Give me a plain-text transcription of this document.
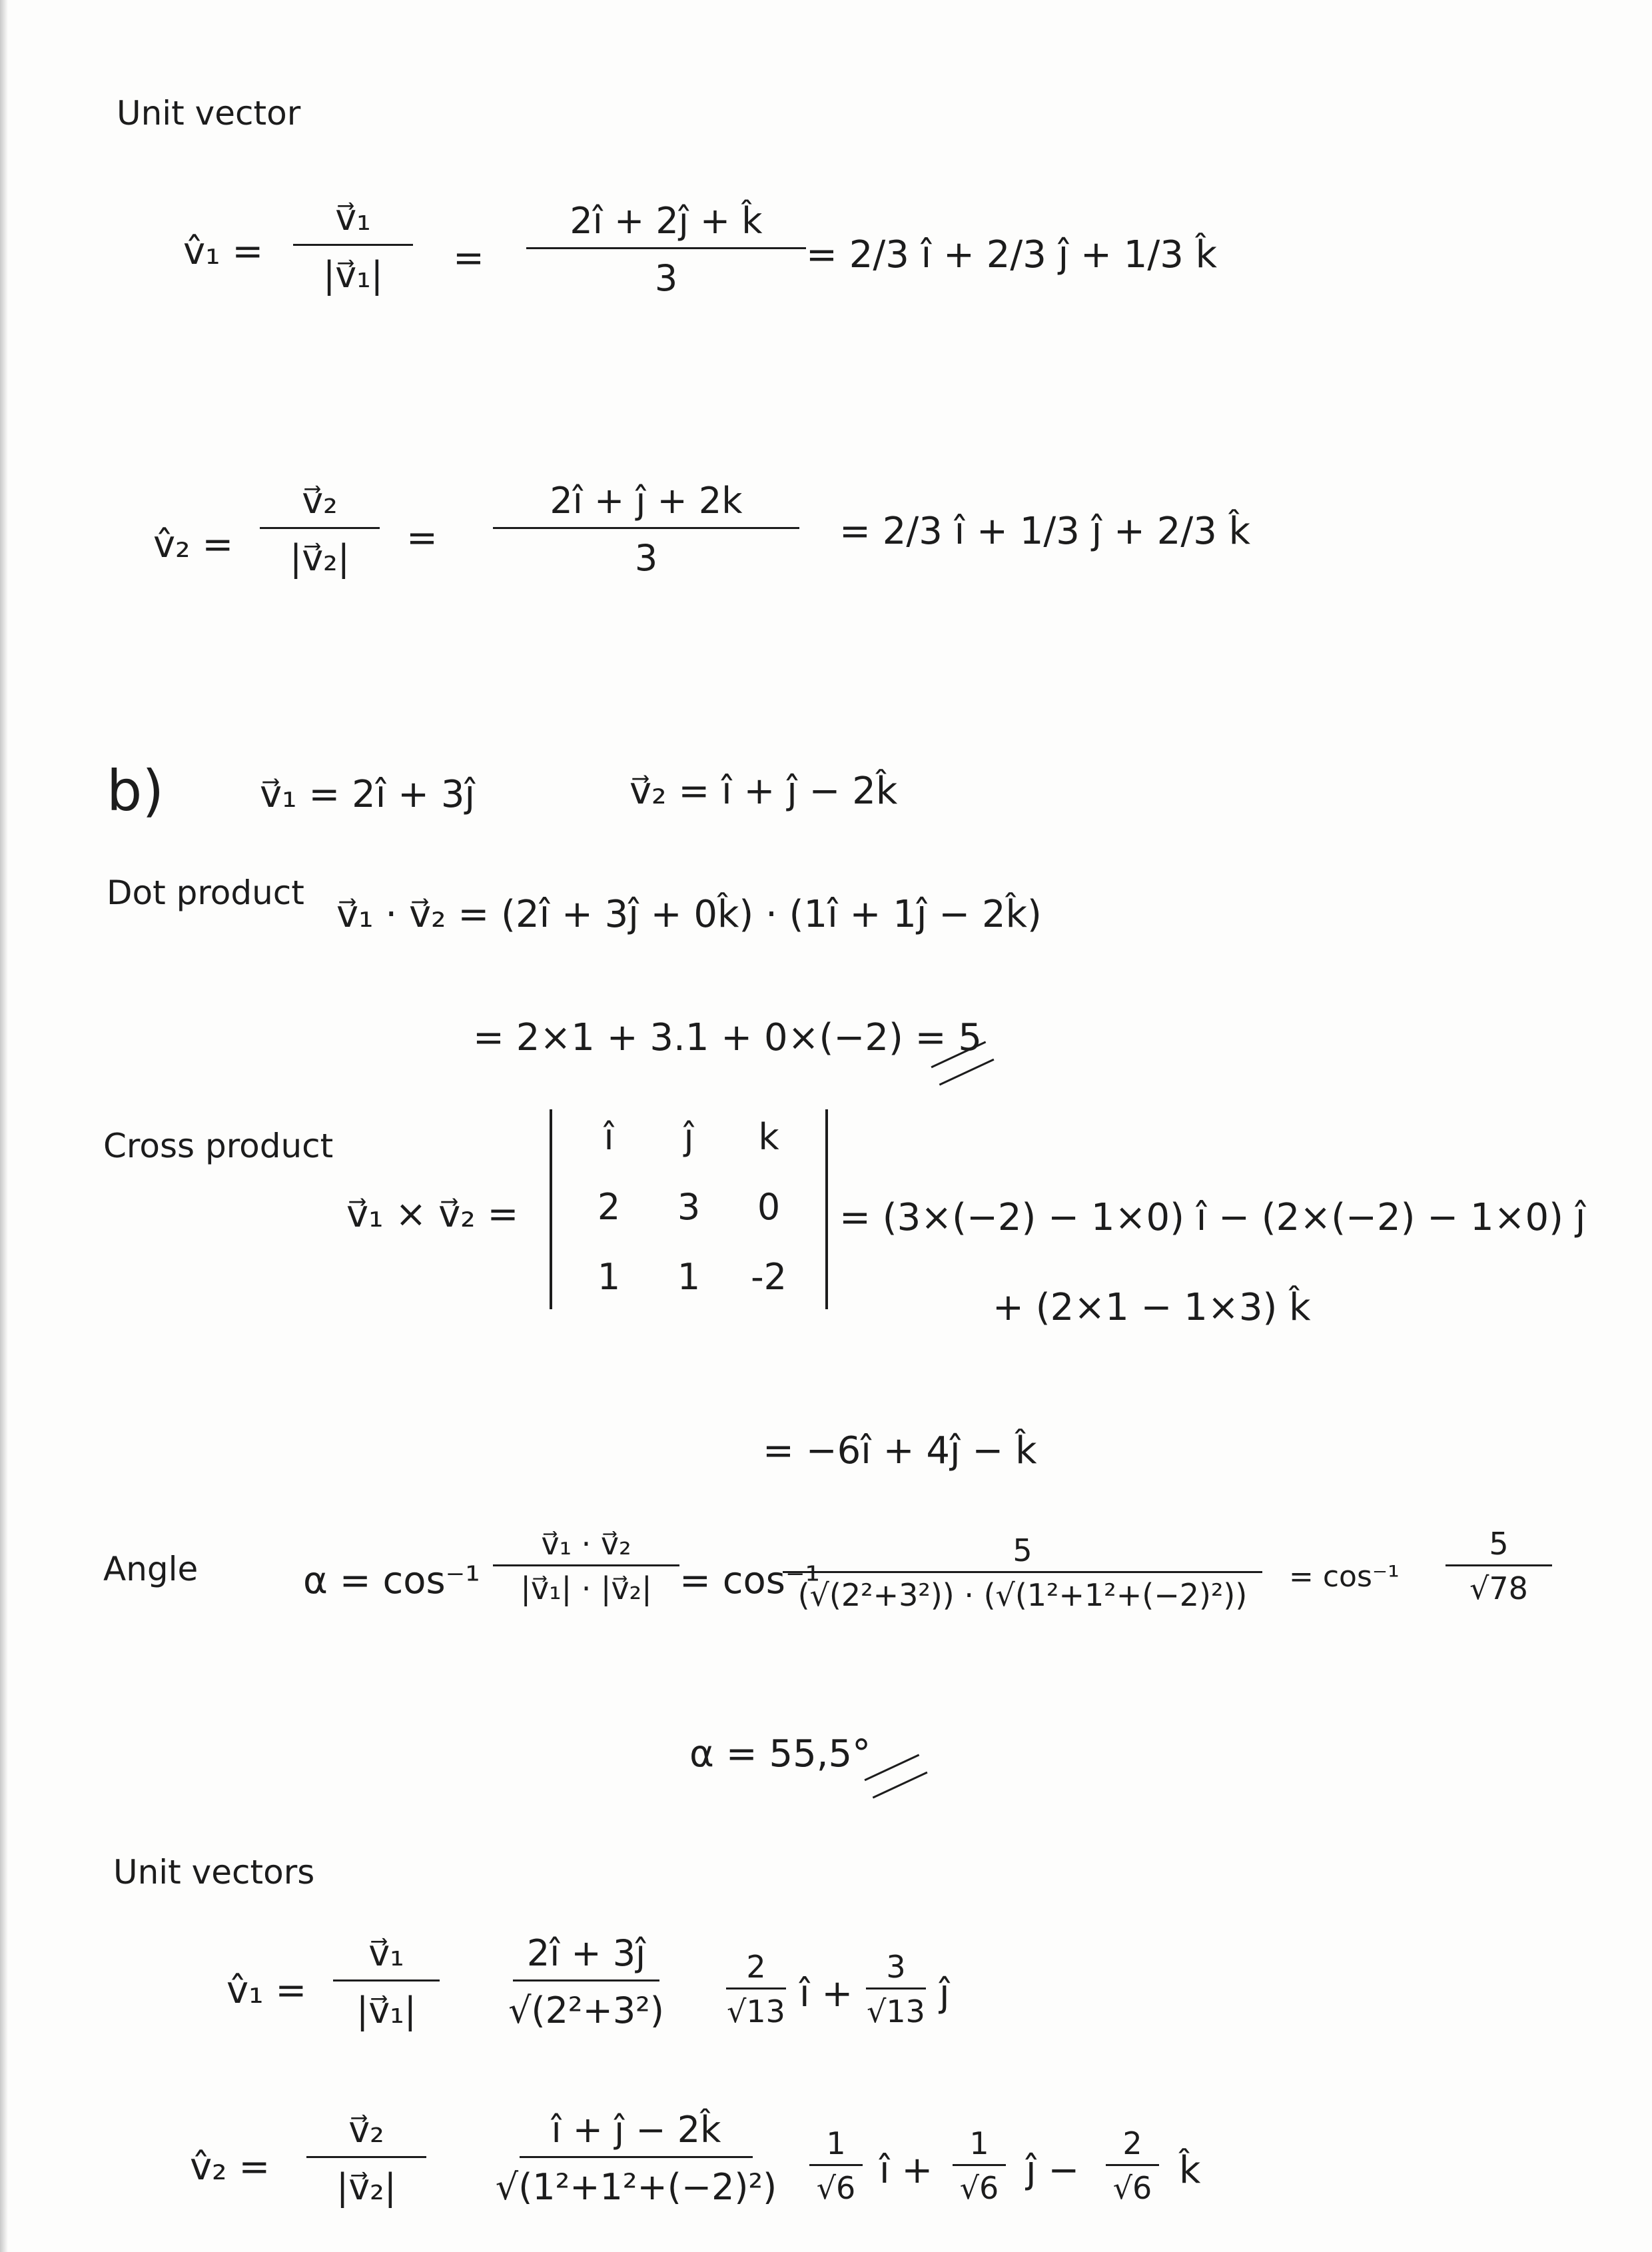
Unit vector
v̂₁ =
v⃗₁
|v⃗₁| =
2î + 2ĵ + k̂
3
= 2/3 î + 2/3 ĵ + 1/3 k̂
v̂₂ =
v⃗₂
|v⃗₂| =
2î + ĵ + 2k
3
= 2/3 î + 1/3 ĵ + 2/3 k̂
b)	v⃗₁ = 2î + 3ĵ	v⃗₂ = î + ĵ − 2k̂
Dot product v⃗₁ · v⃗₂ = (2î + 3ĵ + 0k̂) · (1î + 1ĵ − 2k̂)
= 2×1 + 3.1 + 0×(−2) = 5
Cross product
v⃗₁ × v⃗₂ =
î	ĵ	k
2	3	0
1	1	-2
= (3×(−2) − 1×0) î − (2×(−2) − 1×0) ĵ
+ (2×1 − 1×3) k̂
= −6î + 4ĵ − k̂
Angle	α = cos⁻¹
v⃗₁ · v⃗₂
|v⃗₁| · |v⃗₂| = cos⁻¹
5
(√(2²+3²)) · (√(1²+1²+(−2)²))
= cos⁻¹
5
√78
α = 55,5°
Unit vectors
v̂₁ =
v⃗₁
|v⃗₁|
2î + 3ĵ
√(2²+3²)
2
√13 î +
3
√13 ĵ
v̂₂ =
v⃗₂
|v⃗₂|
î + ĵ − 2k̂
√(1²+1²+(−2)²)
1
√6 î +
1
√6 ĵ −
2
√6 k̂
